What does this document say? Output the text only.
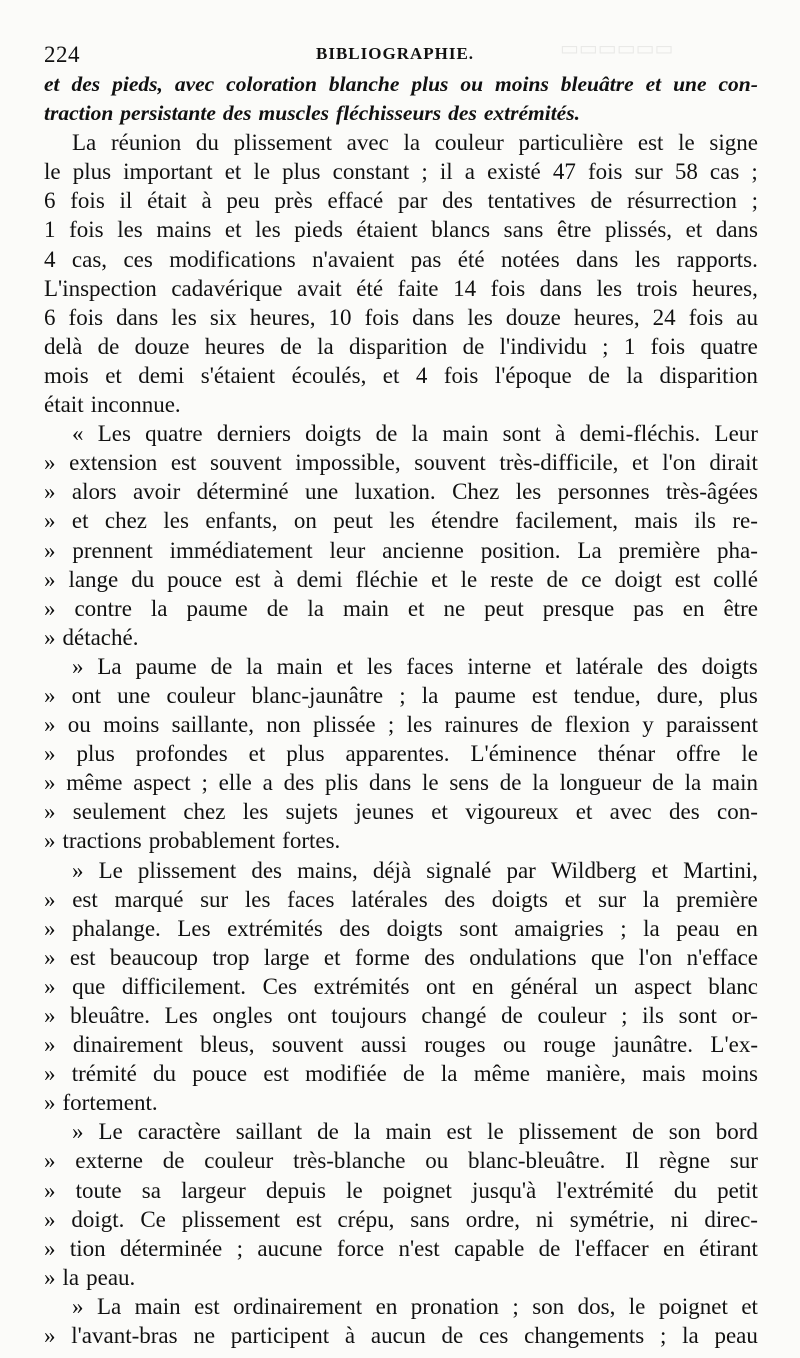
224	BIBLIOGRAPHIE.
et des pieds, avec coloration blanche plus ou moins bleuâtre et une con-
traction persistante des muscles fléchisseurs des extrémités.
La réunion du plissement avec la couleur particulière est le signe
le plus important et le plus constant ; il a existé 47 fois sur 58 cas ;
6 fois il était à peu près effacé par des tentatives de résurrection ;
1 fois les mains et les pieds étaient blancs sans être plissés, et dans
4 cas, ces modifications n'avaient pas été notées dans les rapports.
L'inspection cadavérique avait été faite 14 fois dans les trois heures,
6 fois dans les six heures, 10 fois dans les douze heures, 24 fois au
delà de douze heures de la disparition de l'individu ; 1 fois quatre
mois et demi s'étaient écoulés, et 4 fois l'époque de la disparition
était inconnue.
« Les quatre derniers doigts de la main sont à demi-fléchis. Leur
» extension est souvent impossible, souvent très-difficile, et l'on dirait
» alors avoir déterminé une luxation. Chez les personnes très-âgées
» et chez les enfants, on peut les étendre facilement, mais ils re-
» prennent immédiatement leur ancienne position. La première pha-
» lange du pouce est à demi fléchie et le reste de ce doigt est collé
» contre la paume de la main et ne peut presque pas en être
» détaché.
» La paume de la main et les faces interne et latérale des doigts
» ont une couleur blanc-jaunâtre ; la paume est tendue, dure, plus
» ou moins saillante, non plissée ; les rainures de flexion y paraissent
» plus profondes et plus apparentes. L'éminence thénar offre le
» même aspect ; elle a des plis dans le sens de la longueur de la main
» seulement chez les sujets jeunes et vigoureux et avec des con-
» tractions probablement fortes.
» Le plissement des mains, déjà signalé par Wildberg et Martini,
» est marqué sur les faces latérales des doigts et sur la première
» phalange. Les extrémités des doigts sont amaigries ; la peau en
» est beaucoup trop large et forme des ondulations que l'on n'efface
» que difficilement. Ces extrémités ont en général un aspect blanc
» bleuâtre. Les ongles ont toujours changé de couleur ; ils sont or-
» dinairement bleus, souvent aussi rouges ou rouge jaunâtre. L'ex-
» trémité du pouce est modifiée de la même manière, mais moins
» fortement.
» Le caractère saillant de la main est le plissement de son bord
» externe de couleur très-blanche ou blanc-bleuâtre. Il règne sur
» toute sa largeur depuis le poignet jusqu'à l'extrémité du petit
» doigt. Ce plissement est crépu, sans ordre, ni symétrie, ni direc-
» tion déterminée ; aucune force n'est capable de l'effacer en étirant
» la peau.
» La main est ordinairement en pronation ; son dos, le poignet et
» l'avant-bras ne participent à aucun de ces changements ; la peau
▭▭▭▭▭▭
